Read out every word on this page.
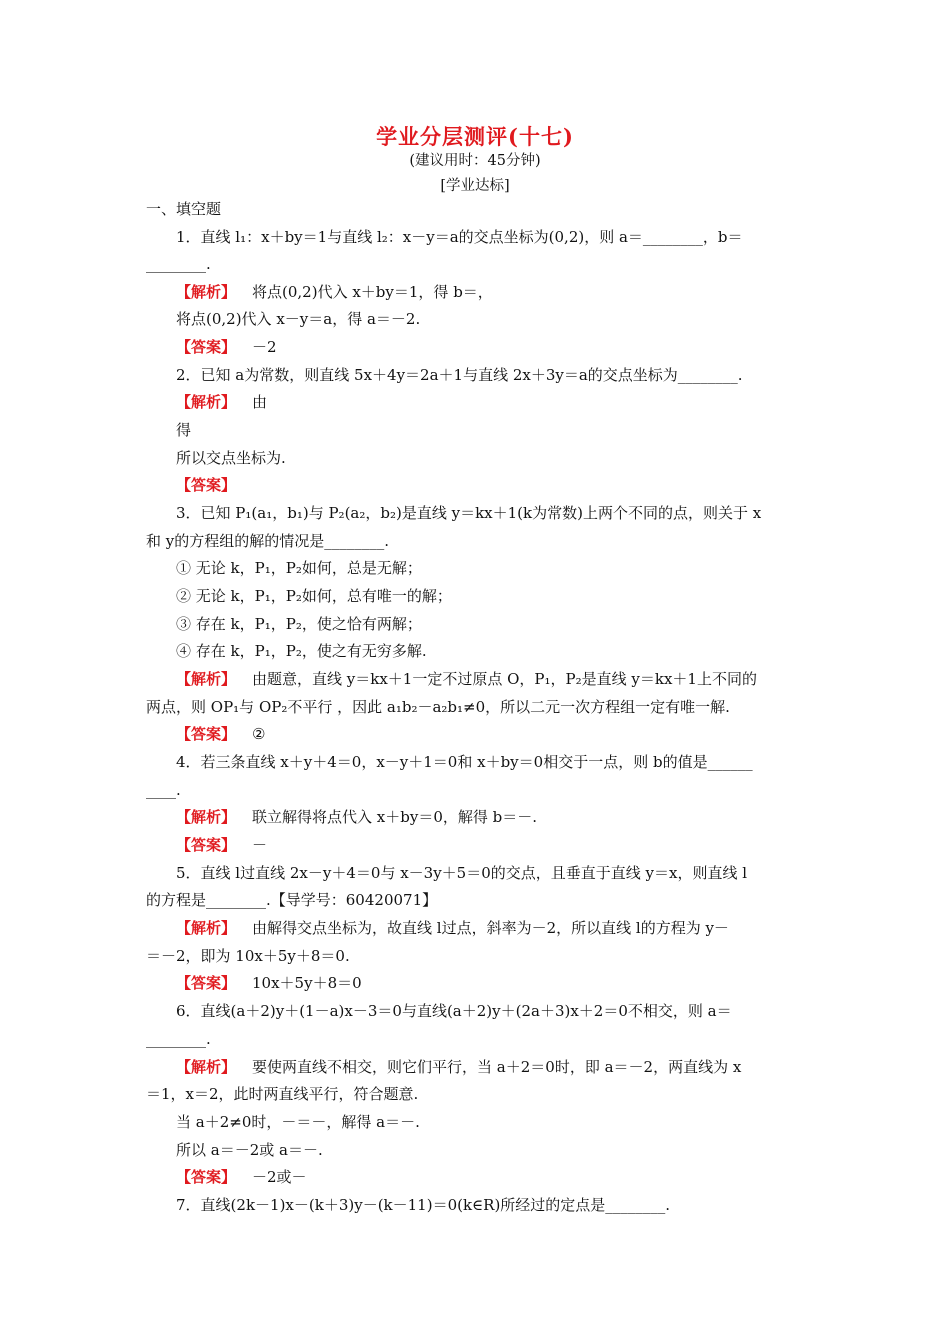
学业分层测评(十七)
(建议用时：45分钟)
[学业达标]
一、填空题
1．直线 l₁：x＋by＝1与直线 l₂：x－y＝a的交点坐标为(0,2)，则 a＝________，b＝
________.
【解析】 将点(0,2)代入 x＋by＝1，得 b＝，
将点(0,2)代入 x－y＝a，得 a＝－2.
【答案】 －2
2．已知 a为常数，则直线 5x＋4y＝2a＋1与直线 2x＋3y＝a的交点坐标为________.
【解析】 由
得
所以交点坐标为.
【答案】
3．已知 P₁(a₁，b₁)与 P₂(a₂，b₂)是直线 y＝kx＋1(k为常数)上两个不同的点，则关于 x
和 y的方程组的解的情况是________.
① 无论 k，P₁，P₂如何，总是无解；
② 无论 k，P₁，P₂如何，总有唯一的解；
③ 存在 k，P₁，P₂，使之恰有两解；
④ 存在 k，P₁，P₂，使之有无穷多解.
【解析】 由题意，直线 y＝kx＋1一定不过原点 O，P₁，P₂是直线 y＝kx＋1上不同的
两点，则 OP₁与 OP₂不平行 ，因此 a₁b₂－a₂b₁≠0，所以二元一次方程组一定有唯一解.
【答案】 ②
4．若三条直线 x＋y＋4＝0，x－y＋1＝0和 x＋by＝0相交于一点，则 b的值是______
____.
【解析】 联立解得将点代入 x＋by＝0，解得 b＝－.
【答案】 －
5．直线 l过直线 2x－y＋4＝0与 x－3y＋5＝0的交点，且垂直于直线 y＝x，则直线 l
的方程是________.【导学号：60420071】
【解析】 由解得交点坐标为，故直线 l过点，斜率为－2，所以直线 l的方程为 y－
＝－2，即为 10x＋5y＋8＝0.
【答案】 10x＋5y＋8＝0
6．直线(a＋2)y＋(1－a)x－3＝0与直线(a＋2)y＋(2a＋3)x＋2＝0不相交，则 a＝
________.
【解析】 要使两直线不相交，则它们平行，当 a＋2＝0时，即 a＝－2，两直线为 x
＝1，x＝2，此时两直线平行，符合题意.
当 a＋2≠0时，－＝－，解得 a＝－.
所以 a＝－2或 a＝－.
【答案】 －2或－
7．直线(2k－1)x－(k＋3)y－(k－11)＝0(k∈R)所经过的定点是________.
